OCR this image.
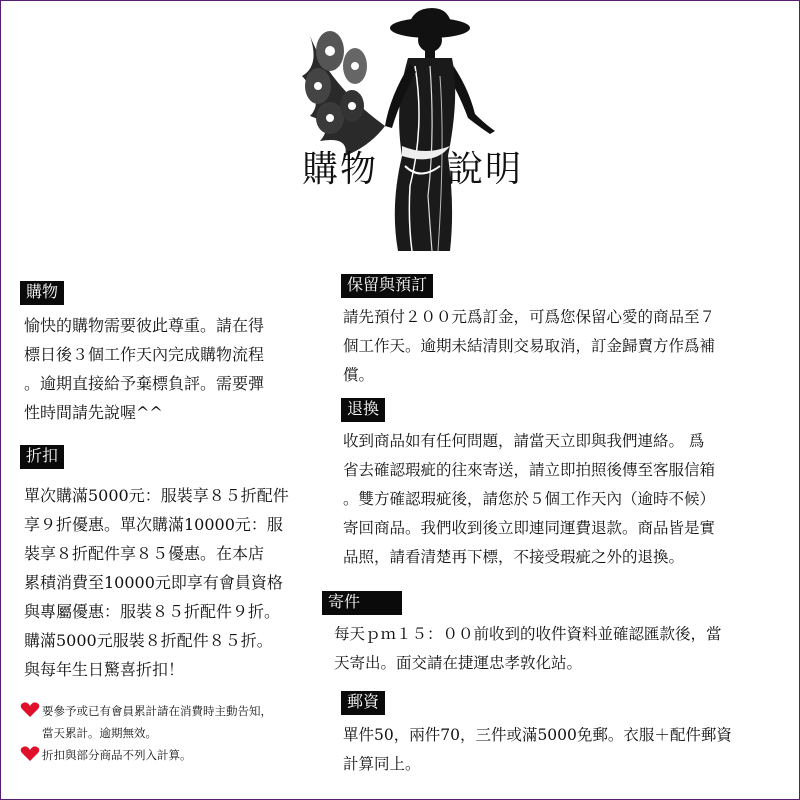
購物 說明
購物
愉快的購物需要彼此尊重。請在得
標日後３個工作天內完成購物流程
。逾期直接給予棄標負評。需要彈
性時間請先說喔^^
折扣
單次購滿5000元：服裝享８５折配件
享９折優惠。單次購滿10000元：服
裝享８折配件享８５優惠。在本店
累積消費至10000元即享有會員資格
與專屬優惠：服裝８５折配件９折。
購滿5000元服裝８折配件８５折。
與每年生日驚喜折扣！
要參予或已有會員累計請在消費時主動告知，
當天累計。逾期無效。
折扣與部分商品不列入計算。
保留與預訂
請先預付２００元爲訂金，可爲您保留心愛的商品至７
個工作天。逾期未結清則交易取消，訂金歸賣方作爲補
償。
退換
收到商品如有任何問題，請當天立即與我們連絡。 爲
省去確認瑕疵的往來寄送，請立即拍照後傳至客服信箱
。雙方確認瑕疵後，請您於５個工作天內（逾時不候）
寄回商品。我們收到後立即連同運費退款。商品皆是實
品照，請看清楚再下標，不接受瑕疵之外的退換。
寄件
每天ｐｍ１５：００前收到的收件資料並確認匯款後，當
天寄出。面交請在捷運忠孝敦化站。
郵資
單件50，兩件70，三件或滿5000免郵。衣服＋配件郵資
計算同上。
